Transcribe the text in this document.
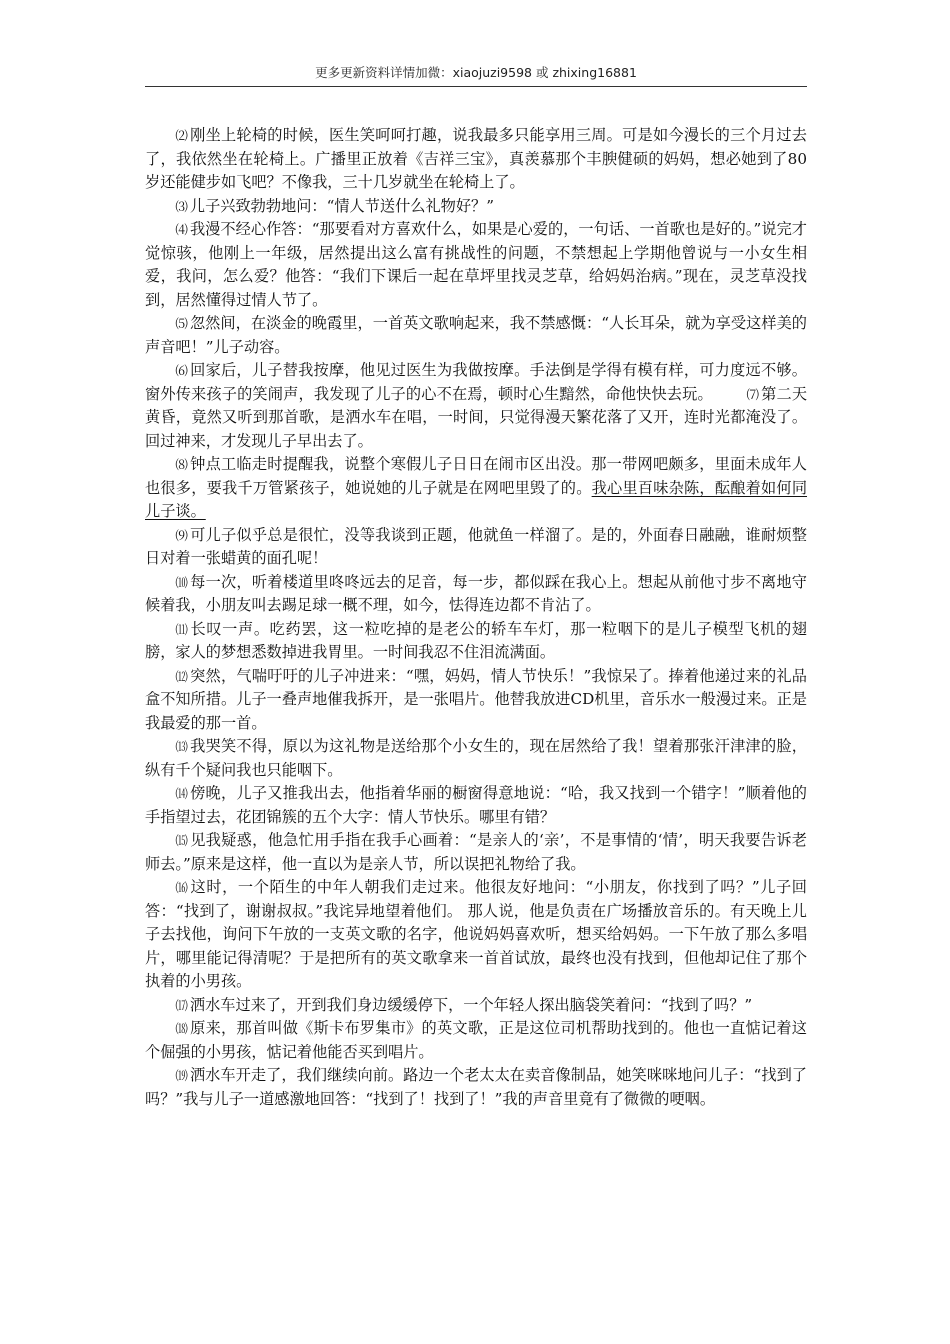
更多更新资料详情加微：xiaojuzi9598 或 zhixing16881

⑵ 刚坐上轮椅的时候，医生笑呵呵打趣，说我最多只能享用三周。可是如今漫长的三个月过去了，我依然坐在轮椅上。广播里正放着《吉祥三宝》，真羡慕那个丰腴健硕的妈妈，想必她到了80岁还能健步如飞吧？不像我，三十几岁就坐在轮椅上了。

⑶ 儿子兴致勃勃地问：“情人节送什么礼物好？”

⑷ 我漫不经心作答：“那要看对方喜欢什么，如果是心爱的，一句话、一首歌也是好的。”说完才觉惊骇，他刚上一年级，居然提出这么富有挑战性的问题，不禁想起上学期他曾说与一小女生相爱，我问，怎么爱？他答：“我们下课后一起在草坪里找灵芝草，给妈妈治病。”现在，灵芝草没找到，居然懂得过情人节了。

⑸ 忽然间，在淡金的晚霞里，一首英文歌响起来，我不禁感慨：“人长耳朵，就为享受这样美的声音吧！”儿子动容。

⑹ 回家后，儿子替我按摩，他见过医生为我做按摩。手法倒是学得有模有样，可力度远不够。窗外传来孩子的笑闹声，我发现了儿子的心不在焉，顿时心生黯然，命他快快去玩。	⑺ 第二天黄昏，竟然又听到那首歌，是洒水车在唱，一时间，只觉得漫天繁花落了又开，连时光都淹没了。回过神来，才发现儿子早出去了。

⑻ 钟点工临走时提醒我，说整个寒假儿子日日在闹市区出没。那一带网吧颇多，里面未成年人也很多，要我千万管紧孩子，她说她的儿子就是在网吧里毁了的。我心里百味杂陈，酝酿着如何同儿子谈。

⑼ 可儿子似乎总是很忙，没等我谈到正题，他就鱼一样溜了。是的，外面春日融融，谁耐烦整日对着一张蜡黄的面孔呢！

⑽ 每一次，听着楼道里咚咚远去的足音，每一步，都似踩在我心上。想起从前他寸步不离地守候着我，小朋友叫去踢足球一概不理，如今，怯得连边都不肯沾了。

⑾ 长叹一声。吃药罢，这一粒吃掉的是老公的轿车车灯，那一粒咽下的是儿子模型飞机的翅膀，家人的梦想悉数掉进我胃里。一时间我忍不住泪流满面。

⑿ 突然，气喘吁吁的儿子冲进来：“嘿，妈妈，情人节快乐！”我惊呆了。捧着他递过来的礼品盒不知所措。儿子一叠声地催我拆开，是一张唱片。他替我放进CD机里，音乐水一般漫过来。正是我最爱的那一首。

⒀ 我哭笑不得，原以为这礼物是送给那个小女生的，现在居然给了我！望着那张汗津津的脸，纵有千个疑问我也只能咽下。

⒁ 傍晚，儿子又推我出去，他指着华丽的橱窗得意地说：“哈，我又找到一个错字！”顺着他的手指望过去，花团锦簇的五个大字：情人节快乐。哪里有错？

⒂ 见我疑惑，他急忙用手指在我手心画着：“是亲人的‘亲’，不是事情的‘情’，明天我要告诉老师去。”原来是这样，他一直以为是亲人节，所以误把礼物给了我。

⒃ 这时，一个陌生的中年人朝我们走过来。他很友好地问：“小朋友，你找到了吗？”儿子回答：“找到了，谢谢叔叔。”我诧异地望着他们。 那人说，他是负责在广场播放音乐的。有天晚上儿子去找他，询问下午放的一支英文歌的名字，他说妈妈喜欢听，想买给妈妈。一下午放了那么多唱片，哪里能记得清呢？于是把所有的英文歌拿来一首首试放，最终也没有找到，但他却记住了那个执着的小男孩。

⒄ 洒水车过来了，开到我们身边缓缓停下，一个年轻人探出脑袋笑着问：“找到了吗？”

⒅ 原来，那首叫做《斯卡布罗集市》的英文歌，正是这位司机帮助找到的。他也一直惦记着这个倔强的小男孩，惦记着他能否买到唱片。

⒆ 洒水车开走了，我们继续向前。路边一个老太太在卖音像制品，她笑咪咪地问儿子：“找到了吗？”我与儿子一道感激地回答：“找到了！找到了！”我的声音里竟有了微微的哽咽。
